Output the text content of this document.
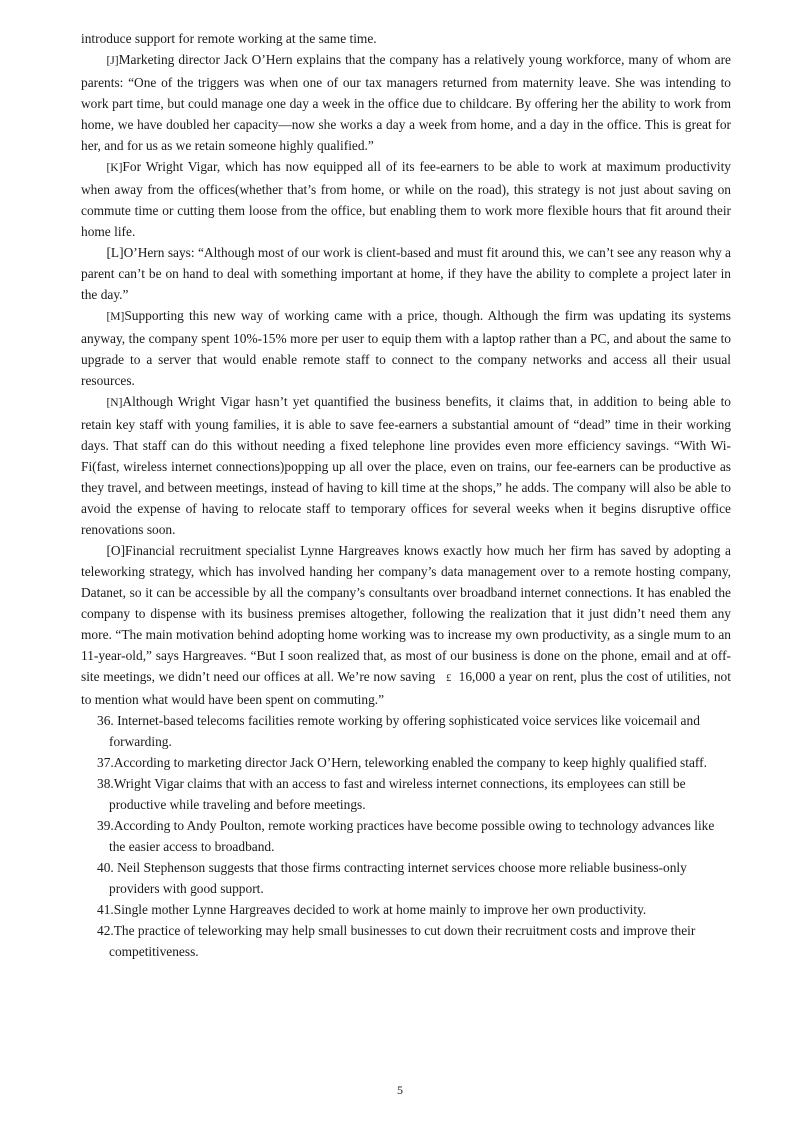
introduce support for remote working at the same time.

[J]Marketing director Jack O’Hern explains that the company has a relatively young workforce, many of whom are parents: “One of the triggers was when one of our tax managers returned from maternity leave. She was intending to work part time, but could manage one day a week in the office due to childcare. By offering her the ability to work from home, we have doubled her capacity—now she works a day a week from home, and a day in the office. This is great for her, and for us as we retain someone highly qualified.”

[K]For Wright Vigar, which has now equipped all of its fee-earners to be able to work at maximum productivity when away from the offices(whether that’s from home, or while on the road), this strategy is not just about saving on commute time or cutting them loose from the office, but enabling them to work more flexible hours that fit around their home life.

[L]O’Hern says: “Although most of our work is client-based and must fit around this, we can’t see any reason why a parent can’t be on hand to deal with something important at home, if they have the ability to complete a project later in the day.”

[M]Supporting this new way of working came with a price, though. Although the firm was updating its systems anyway, the company spent 10%-15% more per user to equip them with a laptop rather than a PC, and about the same to upgrade to a server that would enable remote staff to connect to the company networks and access all their usual resources.

[N]Although Wright Vigar hasn’t yet quantified the business benefits, it claims that, in addition to being able to retain key staff with young families, it is able to save fee-earners a substantial amount of “dead” time in their working days. That staff can do this without needing a fixed telephone line provides even more efficiency savings. “With Wi-Fi(fast, wireless internet connections)popping up all over the place, even on trains, our fee-earners can be productive as they travel, and between meetings, instead of having to kill time at the shops,” he adds. The company will also be able to avoid the expense of having to relocate staff to temporary offices for several weeks when it begins disruptive office renovations soon.

[O]Financial recruitment specialist Lynne Hargreaves knows exactly how much her firm has saved by adopting a teleworking strategy, which has involved handing her company’s data management over to a remote hosting company, Datanet, so it can be accessible by all the company’s consultants over broadband internet connections. It has enabled the company to dispense with its business premises altogether, following the realization that it just didn’t need them any more. “The main motivation behind adopting home working was to increase my own productivity, as a single mum to an 11-year-old,” says Hargreaves. “But I soon realized that, as most of our business is done on the phone, email and at off-site meetings, we didn’t need our offices at all. We’re now saving   £ 16,000 a year on rent, plus the cost of utilities, not to mention what would have been spent on commuting.”

36. Internet-based telecoms facilities remote working by offering sophisticated voice services like voicemail and forwarding.
37.According to marketing director Jack O’Hern, teleworking enabled the company to keep highly qualified staff.
38.Wright Vigar claims that with an access to fast and wireless internet connections, its employees can still be productive while traveling and before meetings.
39.According to Andy Poulton, remote working practices have become possible owing to technology advances like the easier access to broadband.
40. Neil Stephenson suggests that those firms contracting internet services choose more reliable business-only providers with good support.
41.Single mother Lynne Hargreaves decided to work at home mainly to improve her own productivity.
42.The practice of teleworking may help small businesses to cut down their recruitment costs and improve their competitiveness.
5
